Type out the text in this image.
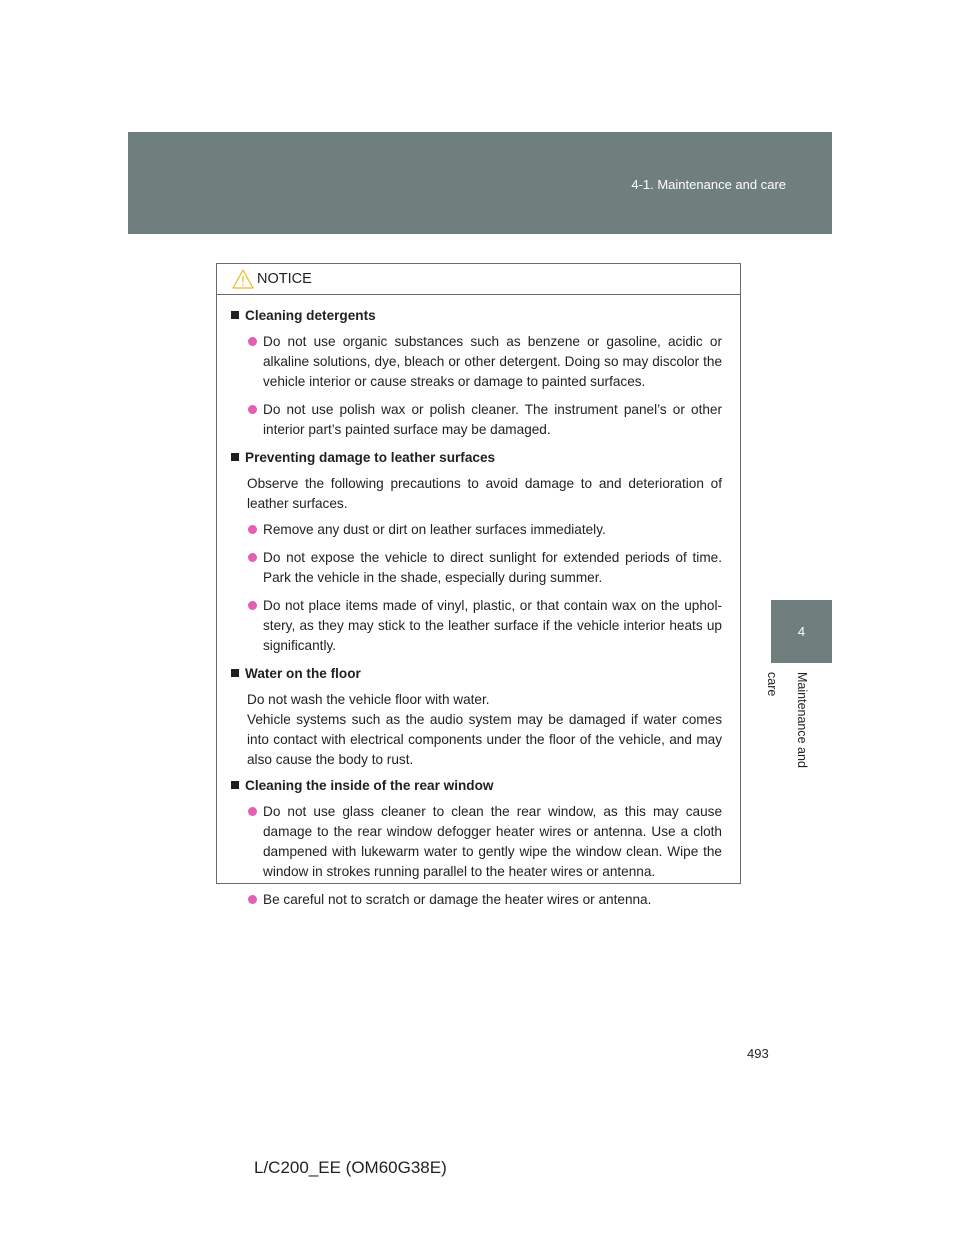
4-1. Maintenance and care
4
Maintenance and care
NOTICE
Cleaning detergents
Do not use organic substances such as benzene or gasoline, acidic or alkaline solutions, dye, bleach or other detergent. Doing so may discolor the vehicle interior or cause streaks or damage to painted surfaces.
Do not use polish wax or polish cleaner. The instrument panel’s or other interior part’s painted surface may be damaged.
Preventing damage to leather surfaces
Observe the following precautions to avoid damage to and deterioration of leather surfaces.
Remove any dust or dirt on leather surfaces immediately.
Do not expose the vehicle to direct sunlight for extended periods of time. Park the vehicle in the shade, especially during summer.
Do not place items made of vinyl, plastic, or that contain wax on the uphol-stery, as they may stick to the leather surface if the vehicle interior heats up significantly.
Water on the floor
Do not wash the vehicle floor with water.
Vehicle systems such as the audio system may be damaged if water comes into contact with electrical components under the floor of the vehicle, and may also cause the body to rust.
Cleaning the inside of the rear window
Do not use glass cleaner to clean the rear window, as this may cause damage to the rear window defogger heater wires or antenna. Use a cloth dampened with lukewarm water to gently wipe the window clean. Wipe the window in strokes running parallel to the heater wires or antenna.
Be careful not to scratch or damage the heater wires or antenna.
493
L/C200_EE (OM60G38E)
